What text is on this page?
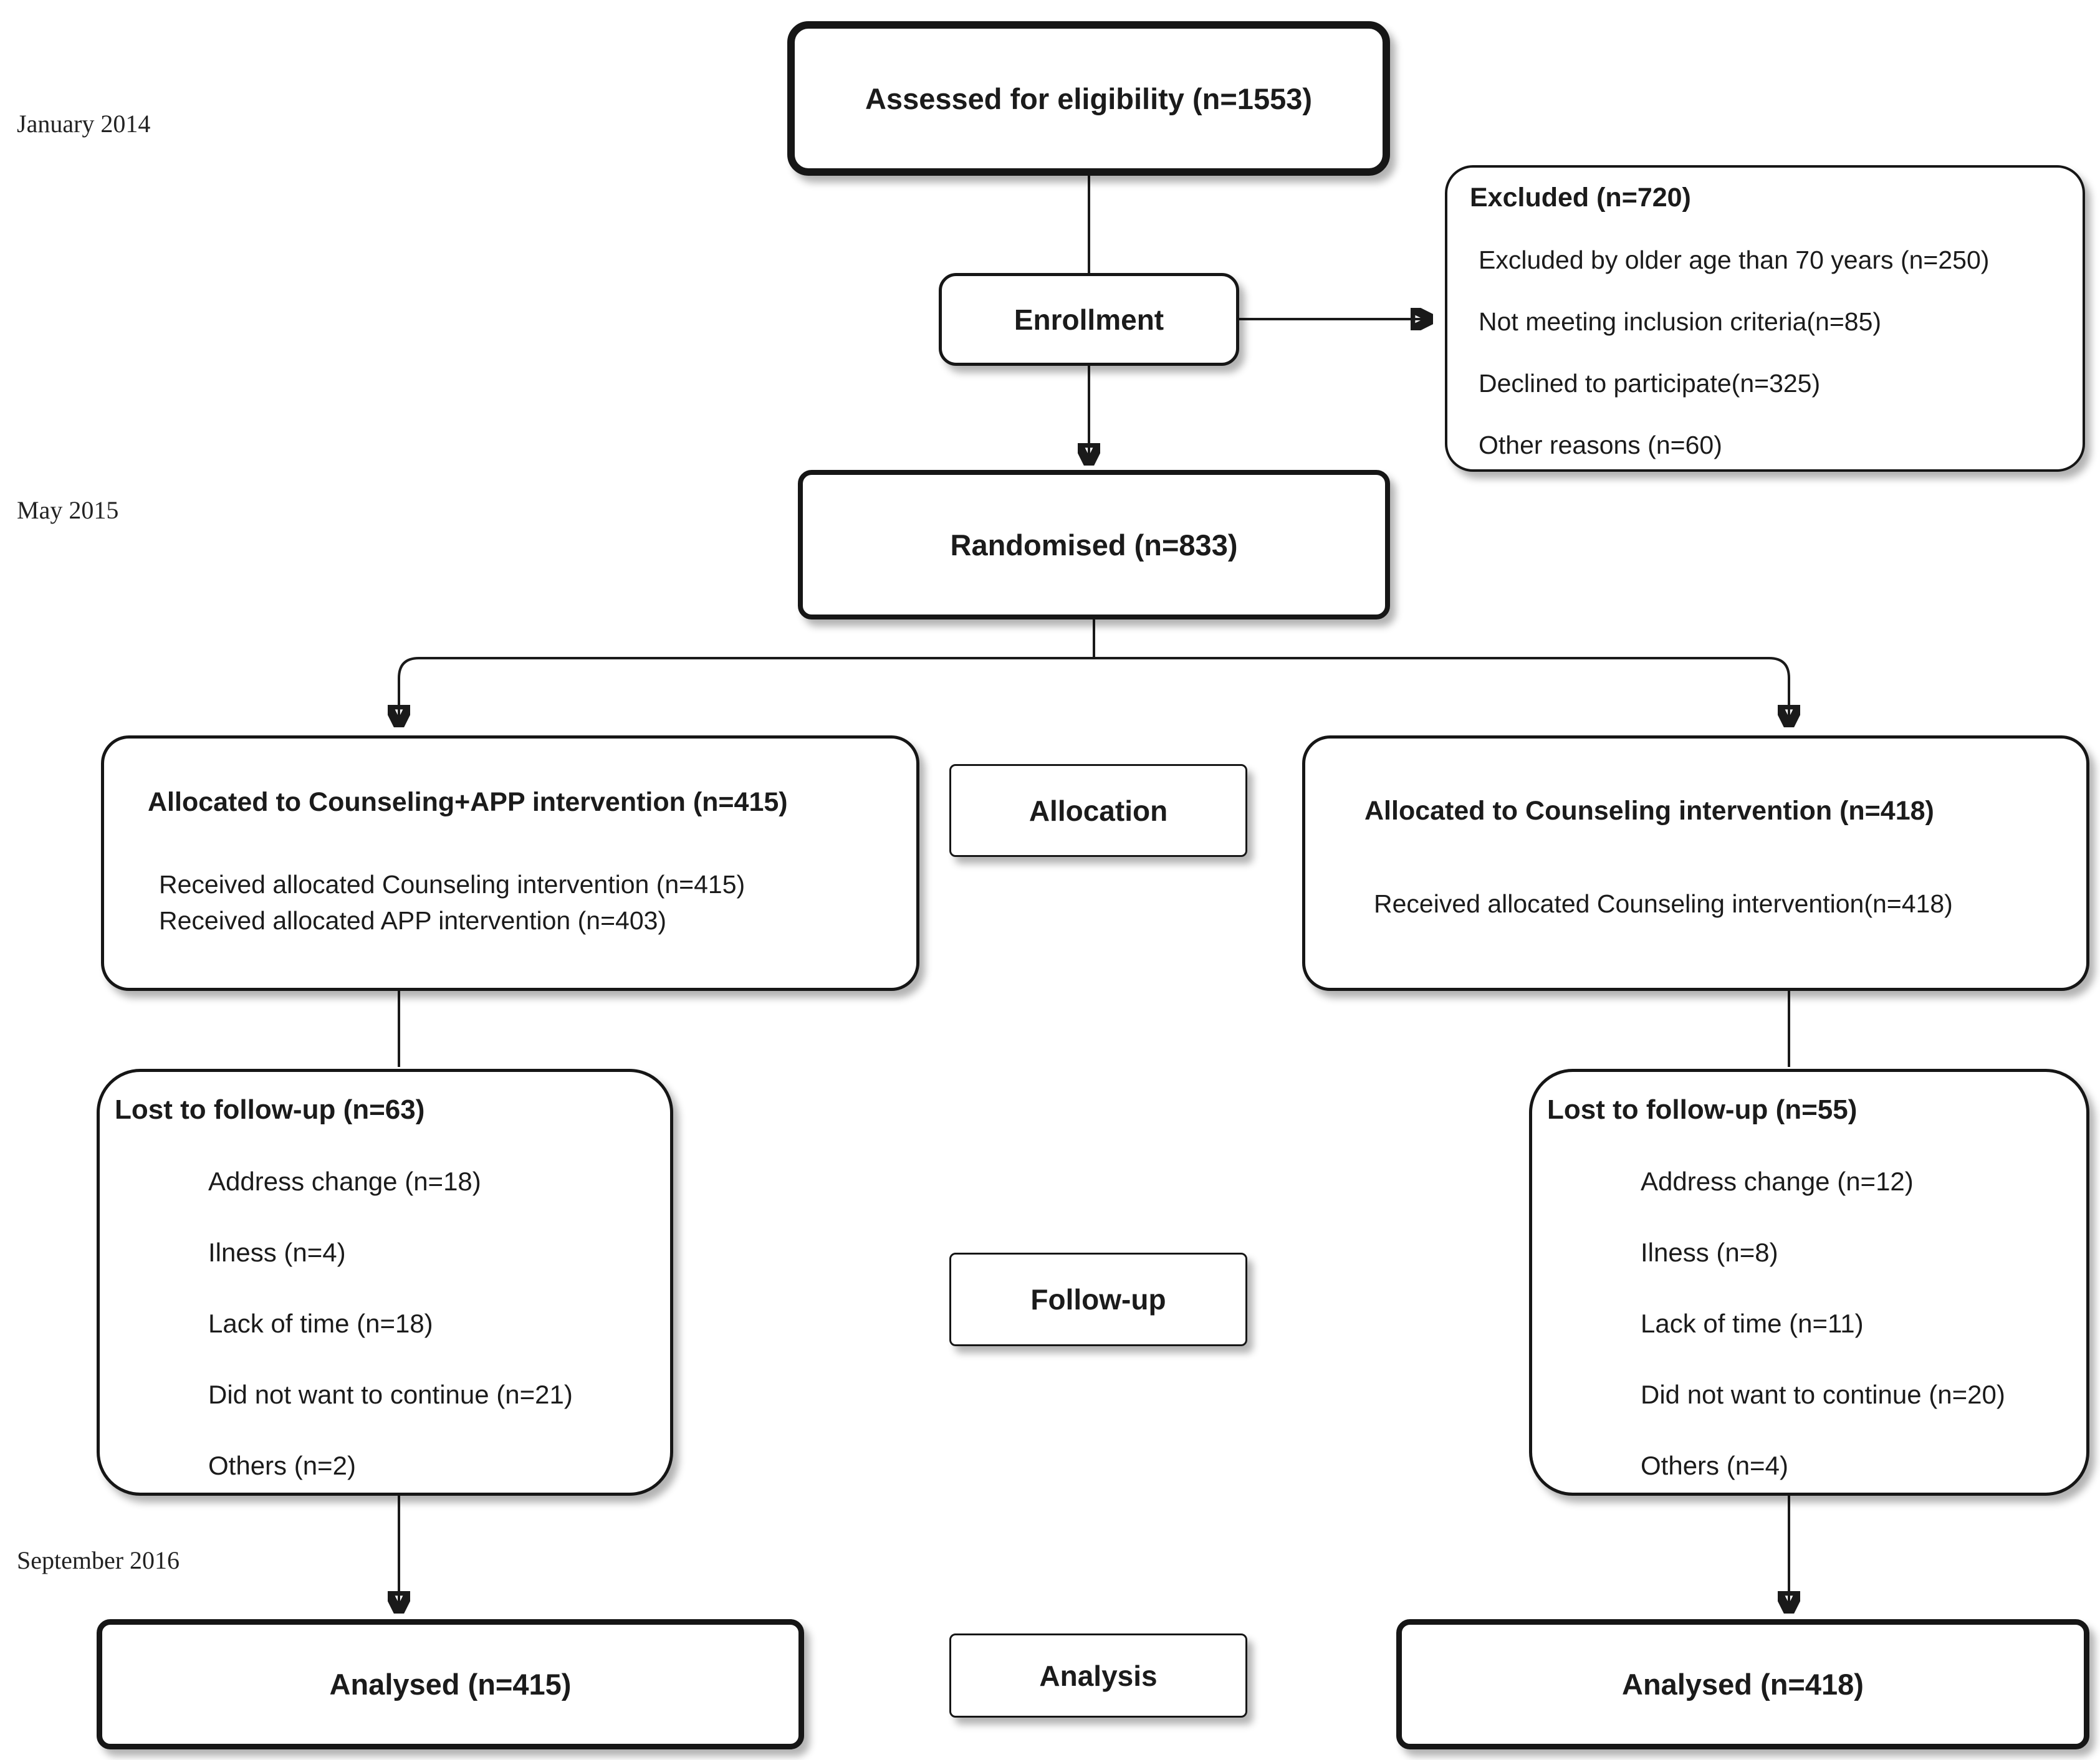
January 2014
May 2015
September 2016
Assessed for eligibility (n=1553)
Enrollment
Excluded (n=720)
Excluded by older age than 70 years (n=250)
Not meeting inclusion criteria(n=85)
Declined to participate(n=325)
Other reasons (n=60)
Randomised (n=833)
Allocated to Counseling+APP intervention (n=415)
Received allocated Counseling intervention (n=415)
Received allocated APP intervention (n=403)
Allocation	Allocated to Counseling intervention (n=418)
Received allocated Counseling intervention(n=418)
Lost to follow-up (n=63)
Address change (n=18)
Ilness (n=4)
Lack of time (n=18)
Did not want to continue (n=21)
Others (n=2)
Follow-up
Lost to follow-up (n=55)
Address change (n=12)
Ilness (n=8)
Lack of time (n=11)
Did not want to continue (n=20)
Others (n=4)
Analysed (n=415)	Analysis	Analysed (n=418)
